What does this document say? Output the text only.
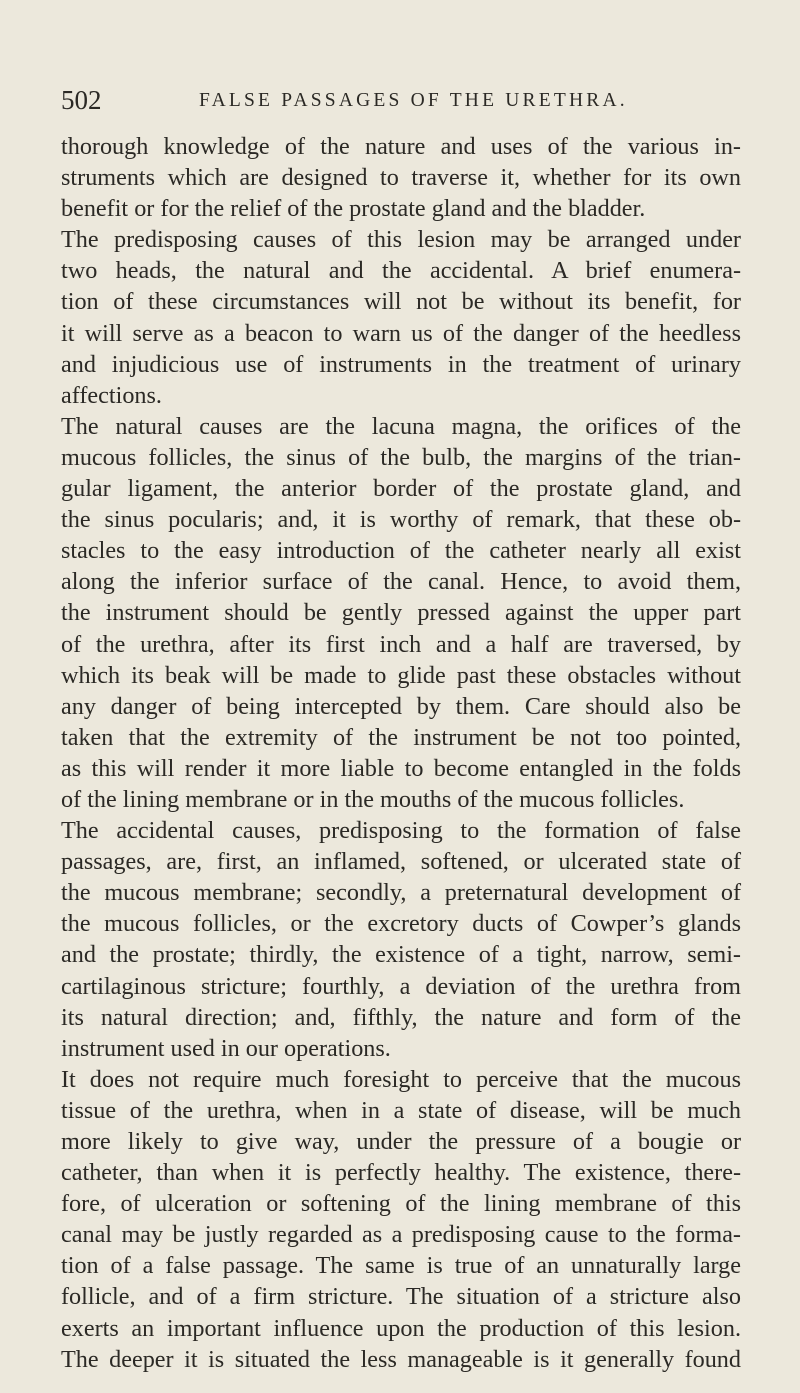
502	FALSE PASSAGES OF THE URETHRA.
thorough knowledge of the nature and uses of the various in-
struments which are designed to traverse it, whether for its own
benefit or for the relief of the prostate gland and the bladder.
The predisposing causes of this lesion may be arranged under
two heads, the natural and the accidental. A brief enumera-
tion of these circumstances will not be without its benefit, for
it will serve as a beacon to warn us of the danger of the heedless
and injudicious use of instruments in the treatment of urinary
affections.
The natural causes are the lacuna magna, the orifices of the
mucous follicles, the sinus of the bulb, the margins of the trian-
gular ligament, the anterior border of the prostate gland, and
the sinus pocularis; and, it is worthy of remark, that these ob-
stacles to the easy introduction of the catheter nearly all exist
along the inferior surface of the canal. Hence, to avoid them,
the instrument should be gently pressed against the upper part
of the urethra, after its first inch and a half are traversed, by
which its beak will be made to glide past these obstacles without
any danger of being intercepted by them. Care should also be
taken that the extremity of the instrument be not too pointed,
as this will render it more liable to become entangled in the folds
of the lining membrane or in the mouths of the mucous follicles.
The accidental causes, predisposing to the formation of false
passages, are, first, an inflamed, softened, or ulcerated state of
the mucous membrane; secondly, a preternatural development of
the mucous follicles, or the excretory ducts of Cowper’s glands
and the prostate; thirdly, the existence of a tight, narrow, semi-
cartilaginous stricture; fourthly, a deviation of the urethra from
its natural direction; and, fifthly, the nature and form of the
instrument used in our operations.
It does not require much foresight to perceive that the mucous
tissue of the urethra, when in a state of disease, will be much
more likely to give way, under the pressure of a bougie or
catheter, than when it is perfectly healthy. The existence, there-
fore, of ulceration or softening of the lining membrane of this
canal may be justly regarded as a predisposing cause to the forma-
tion of a false passage. The same is true of an unnaturally large
follicle, and of a firm stricture. The situation of a stricture also
exerts an important influence upon the production of this lesion.
The deeper it is situated the less manageable is it generally found
